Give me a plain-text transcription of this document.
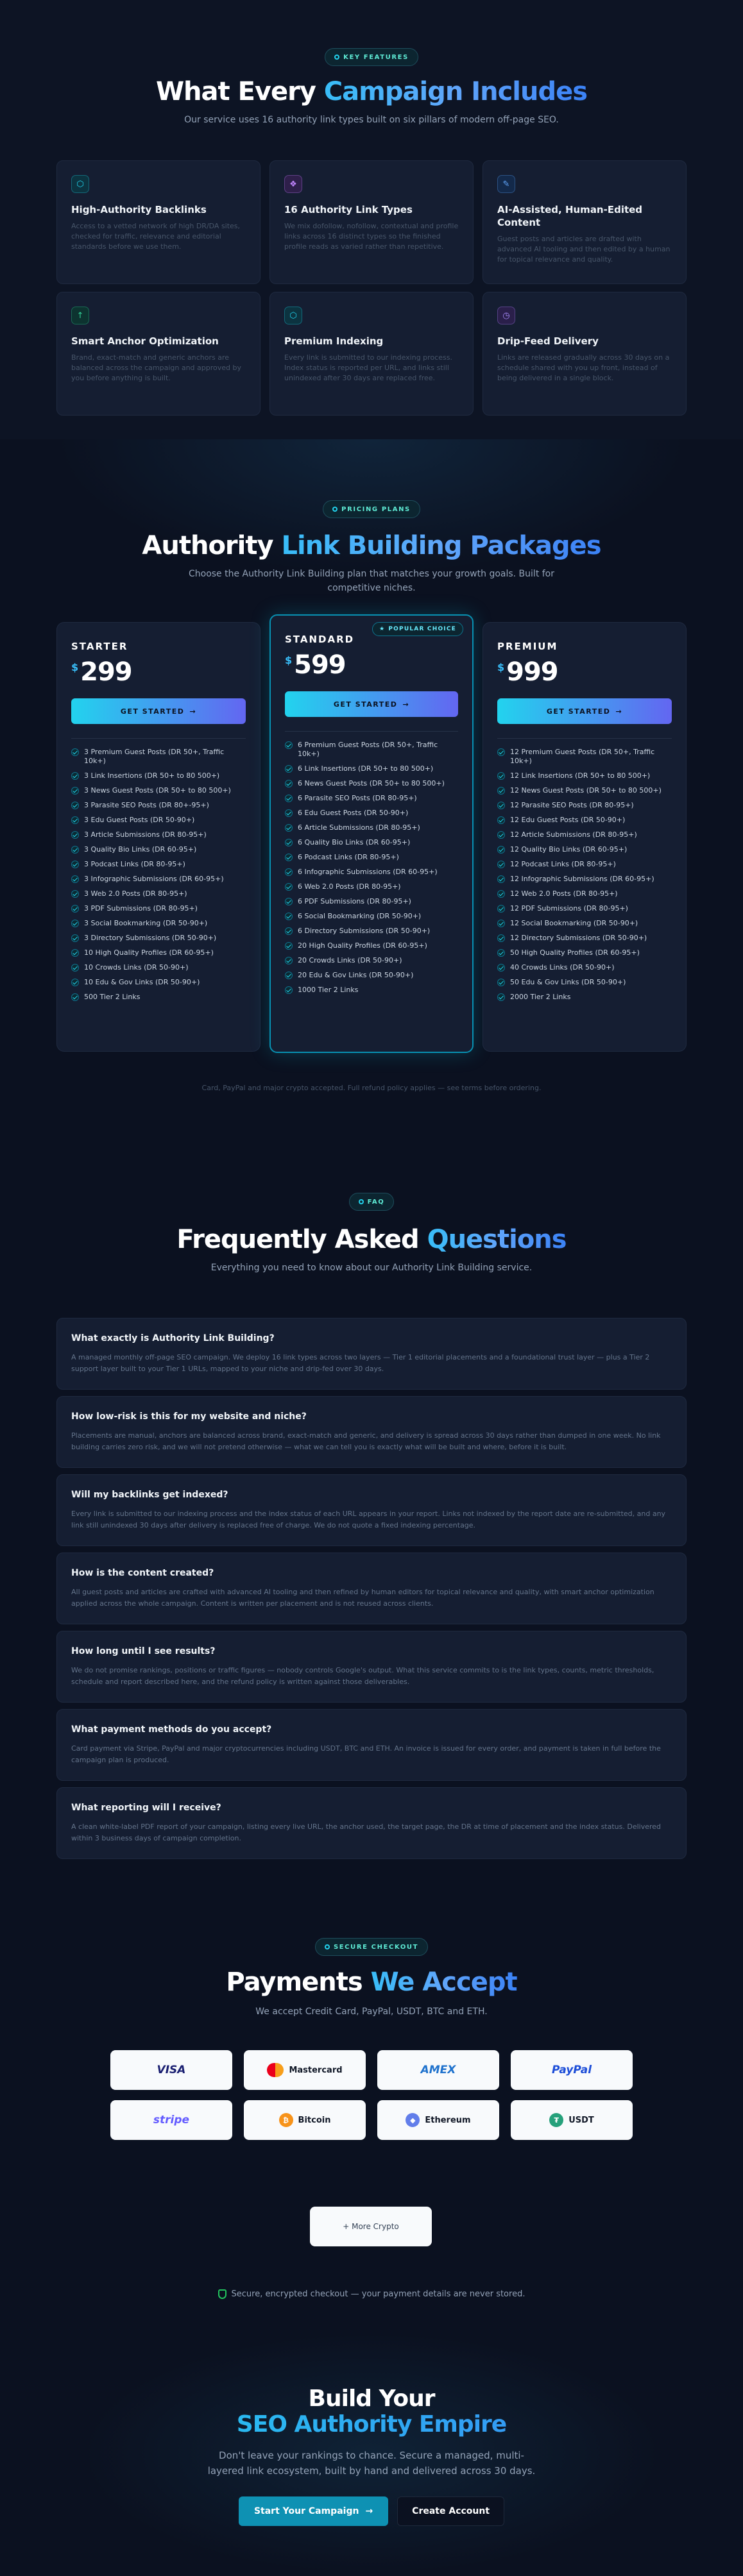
KEY FEATURES
What Every Campaign Includes

Our service uses 16 authority link types built on six pillars of modern off-page SEO.

⬡
High-Authority Backlinks

Access to a vetted network of high DR/DA sites, checked for traffic, relevance and editorial standards before we use them.

❖
16 Authority Link Types

We mix dofollow, nofollow, contextual and profile links across 16 distinct types so the finished profile reads as varied rather than repetitive.

✎
AI-Assisted, Human-Edited Content

Guest posts and articles are drafted with advanced AI tooling and then edited by a human for topical relevance and quality.

↑
Smart Anchor Optimization

Brand, exact-match and generic anchors are balanced across the campaign and approved by you before anything is built.

⬡
Premium Indexing

Every link is submitted to our indexing process. Index status is reported per URL, and links still unindexed after 30 days are replaced free.

◷
Drip-Feed Delivery

Links are released gradually across 30 days on a schedule shared with you up front, instead of being delivered in a single block.

PRICING PLANS
Authority Link Building Packages

Choose the Authority Link Building plan that matches your growth goals. Built for competitive niches.

STARTER
$ 299
GET STARTED →
3 Premium Guest Posts (DR 50+, Traffic 10k+)
3 Link Insertions (DR 50+ to 80 500+)
3 News Guest Posts (DR 50+ to 80 500+)
3 Parasite SEO Posts (DR 80+-95+)
3 Edu Guest Posts (DR 50-90+)
3 Article Submissions (DR 80-95+)
3 Quality Bio Links (DR 60-95+)
3 Podcast Links (DR 80-95+)
3 Infographic Submissions (DR 60-95+)
3 Web 2.0 Posts (DR 80-95+)
3 PDF Submissions (DR 80-95+)
3 Social Bookmarking (DR 50-90+)
3 Directory Submissions (DR 50-90+)
10 High Quality Profiles (DR 60-95+)
10 Crowds Links (DR 50-90+)
10 Edu & Gov Links (DR 50-90+)
500 Tier 2 Links
★ POPULAR CHOICE
STANDARD
$ 599
GET STARTED →
6 Premium Guest Posts (DR 50+, Traffic 10k+)
6 Link Insertions (DR 50+ to 80 500+)
6 News Guest Posts (DR 50+ to 80 500+)
6 Parasite SEO Posts (DR 80-95+)
6 Edu Guest Posts (DR 50-90+)
6 Article Submissions (DR 80-95+)
6 Quality Bio Links (DR 60-95+)
6 Podcast Links (DR 80-95+)
6 Infographic Submissions (DR 60-95+)
6 Web 2.0 Posts (DR 80-95+)
6 PDF Submissions (DR 80-95+)
6 Social Bookmarking (DR 50-90+)
6 Directory Submissions (DR 50-90+)
20 High Quality Profiles (DR 60-95+)
20 Crowds Links (DR 50-90+)
20 Edu & Gov Links (DR 50-90+)
1000 Tier 2 Links
PREMIUM
$ 999
GET STARTED →
12 Premium Guest Posts (DR 50+, Traffic 10k+)
12 Link Insertions (DR 50+ to 80 500+)
12 News Guest Posts (DR 50+ to 80 500+)
12 Parasite SEO Posts (DR 80-95+)
12 Edu Guest Posts (DR 50-90+)
12 Article Submissions (DR 80-95+)
12 Quality Bio Links (DR 60-95+)
12 Podcast Links (DR 80-95+)
12 Infographic Submissions (DR 60-95+)
12 Web 2.0 Posts (DR 80-95+)
12 PDF Submissions (DR 80-95+)
12 Social Bookmarking (DR 50-90+)
12 Directory Submissions (DR 50-90+)
50 High Quality Profiles (DR 60-95+)
40 Crowds Links (DR 50-90+)
50 Edu & Gov Links (DR 50-90+)
2000 Tier 2 Links

Card, PayPal and major crypto accepted. Full refund policy applies — see terms before ordering.

FAQ
Frequently Asked Questions

Everything you need to know about our Authority Link Building service.

What exactly is Authority Link Building?

A managed monthly off-page SEO campaign. We deploy 16 link types across two layers — Tier 1 editorial placements and a foundational trust layer — plus a Tier 2 support layer built to your Tier 1 URLs, mapped to your niche and drip-fed over 30 days.

How low-risk is this for my website and niche?

Placements are manual, anchors are balanced across brand, exact-match and generic, and delivery is spread across 30 days rather than dumped in one week. No link building carries zero risk, and we will not pretend otherwise — what we can tell you is exactly what will be built and where, before it is built.

Will my backlinks get indexed?

Every link is submitted to our indexing process and the index status of each URL appears in your report. Links not indexed by the report date are re-submitted, and any link still unindexed 30 days after delivery is replaced free of charge. We do not quote a fixed indexing percentage.

How is the content created?

All guest posts and articles are crafted with advanced AI tooling and then refined by human editors for topical relevance and quality, with smart anchor optimization applied across the whole campaign. Content is written per placement and is not reused across clients.

How long until I see results?

We do not promise rankings, positions or traffic figures — nobody controls Google's output. What this service commits to is the link types, counts, metric thresholds, schedule and report described here, and the refund policy is written against those deliverables.

What payment methods do you accept?

Card payment via Stripe, PayPal and major cryptocurrencies including USDT, BTC and ETH. An invoice is issued for every order, and payment is taken in full before the campaign plan is produced.

What reporting will I receive?

A clean white-label PDF report of your campaign, listing every live URL, the anchor used, the target page, the DR at time of placement and the index status. Delivered within 3 business days of campaign completion.

SECURE CHECKOUT
Payments We Accept

We accept Credit Card, PayPal, USDT, BTC and ETH.

VISA	Mastercard	AMEX	PayPal
stripe	₿	Bitcoin	◆	Ethereum	₮	USDT
+ More Crypto
Secure, encrypted checkout — your payment details are never stored.
Build Your
SEO Authority Empire

Don't leave your rankings to chance. Secure a managed, multi-layered link ecosystem, built by hand and delivered across 30 days.

Start Your Campaign →	Create Account
